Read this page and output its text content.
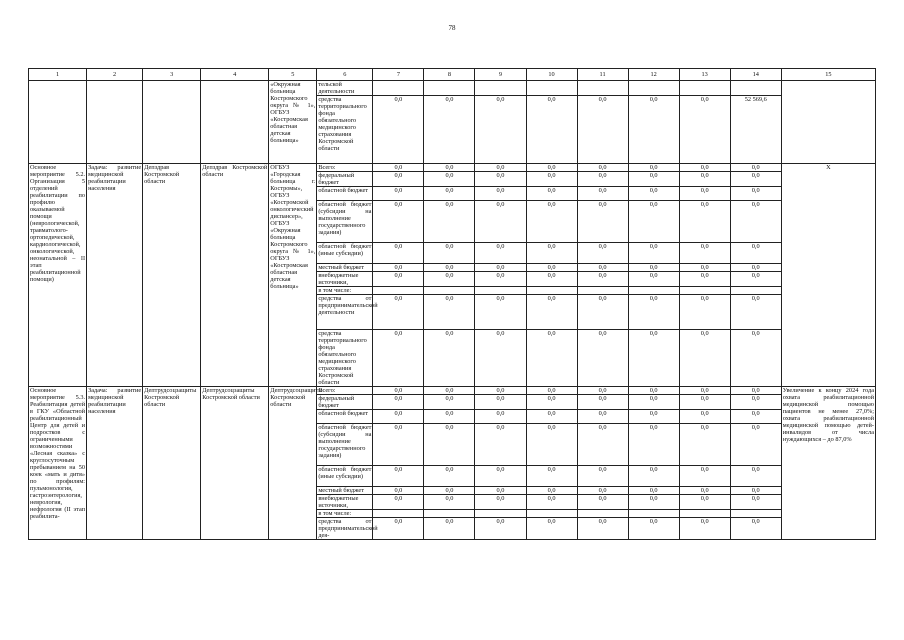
78
1	2	3	4	5	6	7	8	9	10	11	12	13	14	15
				«Окружная больница Костромского округа № 1», ОГБУЗ «Костромская областная детская больница»	тельской деятельности									
					средства территориального фонда обязательного медицинского страхования Костромской области	0,0	0,0	0,0	0,0	0,0	0,0	0,0	52 569,6	
Основное мероприятие 5.2. Организация 5 отделений реабилитации по профилю оказываемой помощи (неврологической, травматолого-ортопедической, кардиологической, онкологической, неонатальной – II этап реабилитационной помощи)	Задача: развитие медицинской реабилитации населения	Депздрав Костромской области	Депздрав Костромской области	ОГБУЗ «Городская больница г. Костромы», ОГБУЗ «Костромской онкологический диспансер», ОГБУЗ «Окружная больница Костромского округа № 1», ОГБУЗ «Костромская областная детская больница»	Всего:	0,0	0,0	0,0	0,0	0,0	0,0	0,0	0,0	Х
					федеральный бюджет	0,0	0,0	0,0	0,0	0,0	0,0	0,0	0,0	
					областной бюджет	0,0	0,0	0,0	0,0	0,0	0,0	0,0	0,0	
					областной бюджет (субсидии на выполнение государственного задания)	0,0	0,0	0,0	0,0	0,0	0,0	0,0	0,0	
					областной бюджет (иные субсидии)	0,0	0,0	0,0	0,0	0,0	0,0	0,0	0,0	
					местный бюджет	0,0	0,0	0,0	0,0	0,0	0,0	0,0	0,0	
					внебюджетные источники,	0,0	0,0	0,0	0,0	0,0	0,0	0,0	0,0	
					в том числе:									
					средства от предпринимательской деятельности	0,0	0,0	0,0	0,0	0,0	0,0	0,0	0,0	
					средства территориального фонда обязательного медицинского страхования Костромской области	0,0	0,0	0,0	0,0	0,0	0,0	0,0	0,0	
Основное мероприятие 5.3. Реабилитация детей в ГКУ «Областной реабилитационный Центр для детей и подростков с ограниченными возможностями «Лесная сказка» с круглосуточным пребыванием на 50 коек «мать и дитя» по профилям: пульмонология, гастроэнтерология, неврология, нефрология (II этап реабилита-	Задача: развитие медицинской реабилитации населения	Дептрудсоцзащиты Костромской области	Дептрудсоцзащиты Костромской области	Дептрудсоцзащиты Костромской области	Всего:	0,0	0,0	0,0	0,0	0,0	0,0	0,0	0,0	Увеличение к концу 2024 года охвата реабилитационной медицинской помощью пациентов не менее 27,0%; охвата реабилитационной медицинской помощью детей-инвалидов от числа нуждающихся – до 87,0%
					федеральный бюджет	0,0	0,0	0,0	0,0	0,0	0,0	0,0	0,0	
					областной бюджет	0,0	0,0	0,0	0,0	0,0	0,0	0,0	0,0	
					областной бюджет (субсидии на выполнение государственного задания)	0,0	0,0	0,0	0,0	0,0	0,0	0,0	0,0	
					областной бюджет (иные субсидии)	0,0	0,0	0,0	0,0	0,0	0,0	0,0	0,0	
					местный бюджет	0,0	0,0	0,0	0,0	0,0	0,0	0,0	0,0	
					внебюджетные источники,	0,0	0,0	0,0	0,0	0,0	0,0	0,0	0,0	
					в том числе:									
					средства от предпринимательской дея-	0,0	0,0	0,0	0,0	0,0	0,0	0,0	0,0	
